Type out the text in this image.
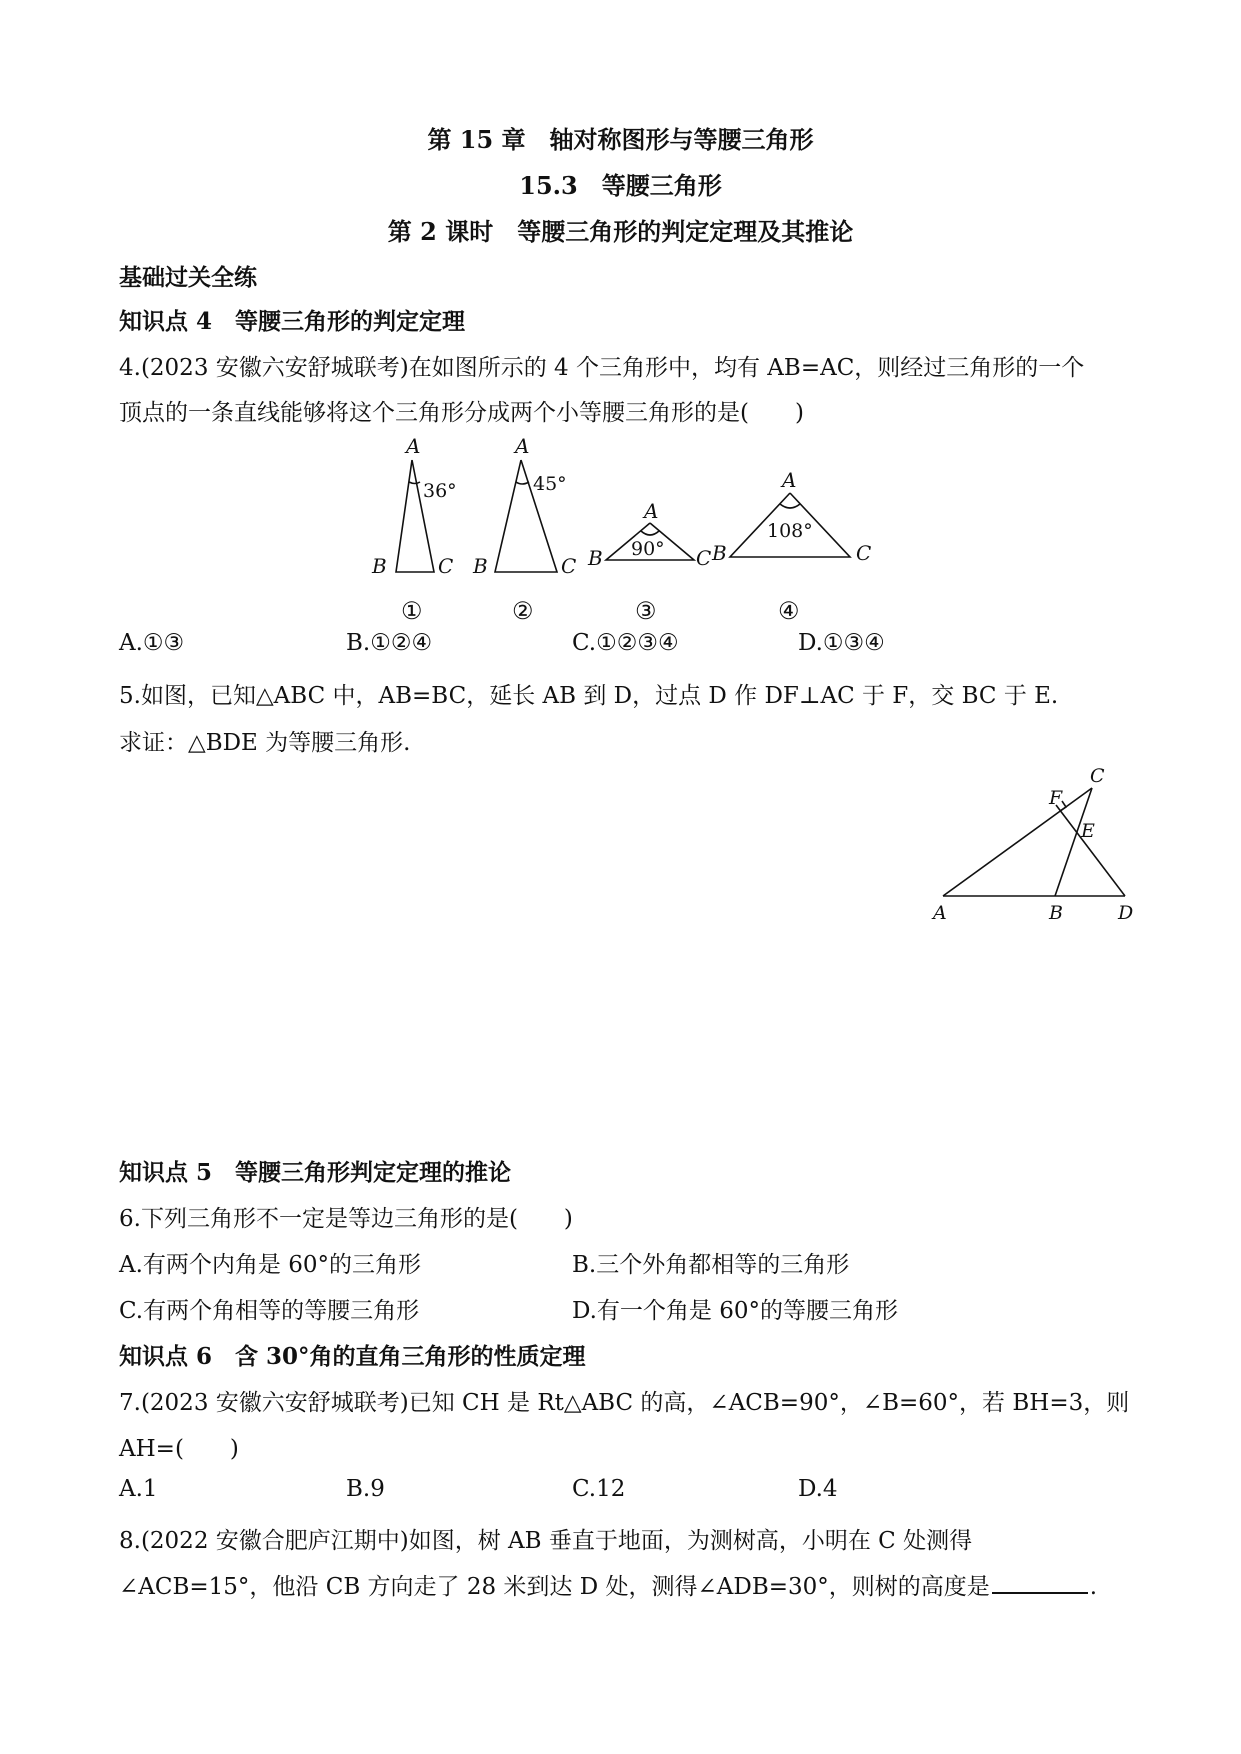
第 15 章　轴对称图形与等腰三角形
15.3　等腰三角形
第 2 课时　等腰三角形的判定定理及其推论
基础过关全练
知识点 4　等腰三角形的判定定理
4.(2023 安徽六安舒城联考)在如图所示的 4 个三角形中，均有 AB=AC，则经过三角形的一个
顶点的一条直线能够将这个三角形分成两个小等腰三角形的是(　　)
A
B	C
A
B	C
A
B	C
A
B	C
36°	45°
90°
108°
①	②	③	④
A.①③	B.①②④	C.①②③④	D.①③④
5.如图，已知△ABC 中，AB=BC，延长 AB 到 D，过点 D 作 DF⊥AC 于 F，交 BC 于 E.
求证：△BDE 为等腰三角形.
A	B
C
D
E
F
知识点 5　等腰三角形判定定理的推论
6.下列三角形不一定是等边三角形的是(　　)
A.有两个内角是 60°的三角形	B.三个外角都相等的三角形
C.有两个角相等的等腰三角形	D.有一个角是 60°的等腰三角形
知识点 6　含 30°角的直角三角形的性质定理
7.(2023 安徽六安舒城联考)已知 CH 是 Rt△ABC 的高，∠ACB=90°，∠B=60°，若 BH=3，则
AH=(　　)
A.1	B.9	C.12	D.4
8.(2022 安徽合肥庐江期中)如图，树 AB 垂直于地面，为测树高，小明在 C 处测得
∠ACB=15°，他沿 CB 方向走了 28 米到达 D 处，测得∠ADB=30°，则树的高度是	.
